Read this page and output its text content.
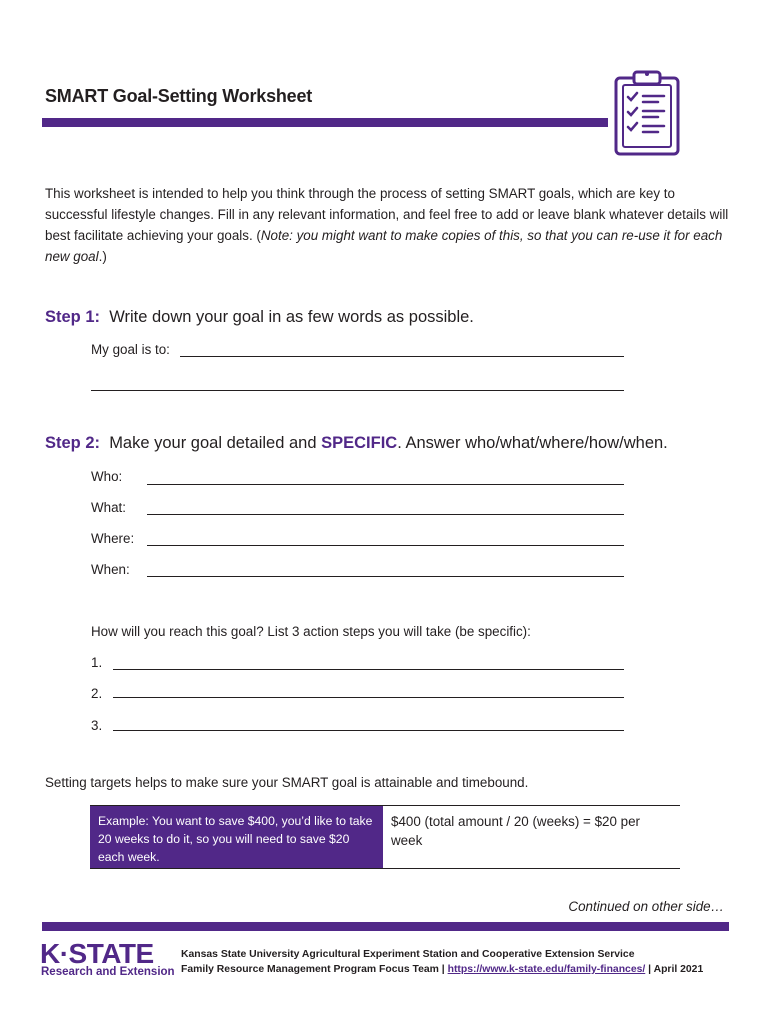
SMART Goal-Setting Worksheet
This worksheet is intended to help you think through the process of setting SMART goals, which are key to successful lifestyle changes. Fill in any relevant information, and feel free to add or leave blank whatever details will best facilitate achieving your goals. (Note: you might want to make copies of this, so that you can re-use it for each new goal.)
Step 1: Write down your goal in as few words as possible.
My goal is to:
Step 2: Make your goal detailed and SPECIFIC. Answer who/what/where/how/when.
Who:
What:
Where:
When:
How will you reach this goal? List 3 action steps you will take (be specific):
1.
2.
3.
Setting targets helps to make sure your SMART goal is attainable and timebound.
Example: You want to save $400, you’d like to take 20 weeks to do it, so you will need to save $20 each week.
$400 (total amount / 20 (weeks) = $20 per week
Continued on other side…
K·STATE
Research and Extension
Kansas State University Agricultural Experiment Station and Cooperative Extension Service
Family Resource Management Program Focus Team | https://www.k-state.edu/family-finances/ | April 2021
